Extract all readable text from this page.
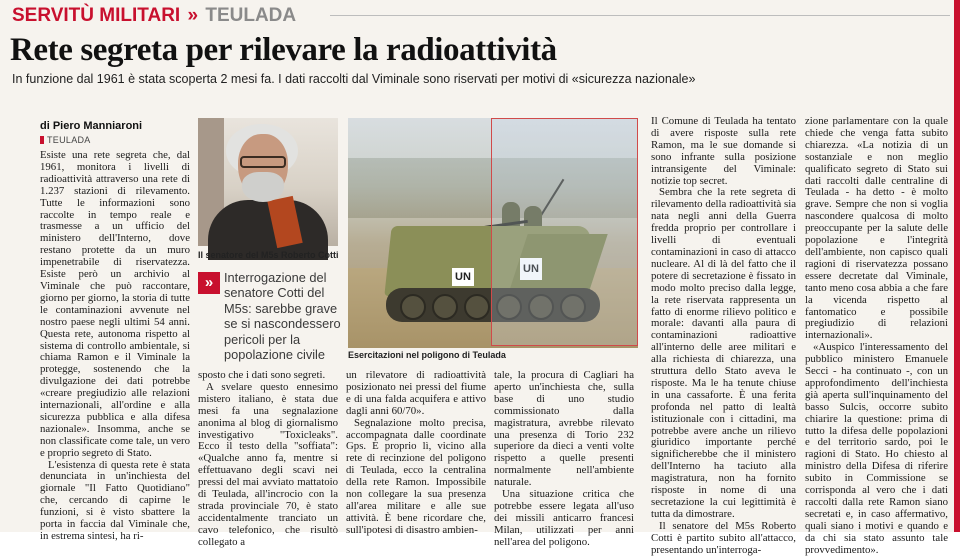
SERVITÙ MILITARI » TEULADA
Rete segreta per rilevare la radioattività
In funzione dal 1961 è stata scoperta 2 mesi fa. I dati raccolti dal Viminale sono riservati per motivi di «sicurezza nazionale»
di Piero Manniaroni
TEULADA

Esiste una rete segreta che, dal 1961, monitora i livelli di radioattività attraverso una rete di 1.237 stazioni di rilevamento. Tutte le informazioni sono raccolte in tempo reale e trasmesse a un ufficio del ministero dell'Interno, dove restano protette da un muro impenetrabile di riservatezza. Esiste però un archivio al Viminale che può raccontare, giorno per giorno, la storia di tutte le contaminazioni avvenute nel nostro paese negli ultimi 54 anni. Questa rete, autonoma rispetto al sistema di controllo ambientale, si chiama Ramon e il Viminale la protegge, sostenendo che la divulgazione dei dati potrebbe «creare pregiudizio alle relazioni internazionali, all'ordine e alla sicurezza pubblica e alla difesa nazionale». Insomma, anche se non classificate come tale, un vero e proprio segreto di Stato.

L'esistenza di questa rete è stata denunciata in un'inchiesta del giornale "Il Fatto Quotidiano" che, cercando di capirne le funzioni, si è visto sbattere la porta in faccia dal Viminale che, in estrema sintesi, ha ri-

Il senatore del M5s Roberto Cotti
» Interrogazione del senatore Cotti del M5s: sarebbe grave se si nascondessero pericoli per la popolazione civile
UN
UN
Esercitazioni nel poligono di Teulada

sposto che i dati sono segreti.

A svelare questo ennesimo mistero italiano, è stata due mesi fa una segnalazione anonima al blog di giornalismo investigativo "Toxicleaks". Ecco il testo della "soffiata": «Qualche anno fa, mentre si effettuavano degli scavi nei pressi del mai avviato mattatoio di Teulada, all'incrocio con la strada provinciale 70, è stato accidentalmente tranciato un cavo telefonico, che risultò collegato a

un rilevatore di radioattività posizionato nei pressi del fiume e di una falda acquifera e attivo dagli anni 60/70».

Segnalazione molto precisa, accompagnata dalle coordinate Gps. E proprio lì, vicino alla rete di recinzione del poligono di Teulada, ecco la centralina della rete Ramon. Impossibile non collegare la sua presenza all'area militare e alle sue attività. È bene ricordare che, sull'ipotesi di disastro ambien-

tale, la procura di Cagliari ha aperto un'inchiesta che, sulla base di uno studio commissionato dalla magistratura, avrebbe rilevato una presenza di Torio 232 superiore da dieci a venti volte rispetto a quelle presenti normalmente nell'ambiente naturale.

Una situazione critica che potrebbe essere legata all'uso dei missili anticarro francesi Milan, utilizzati per anni nell'area del poligono.

Il Comune di Teulada ha tentato di avere risposte sulla rete Ramon, ma le sue domande si sono infrante sulla posizione intransigente del Viminale: notizie top secret.

Sembra che la rete segreta di rilevamento della radioattività sia nata negli anni della Guerra fredda proprio per controllare i livelli di eventuali contaminazioni in caso di attacco nucleare. Al di là del fatto che il potere di secretazione è fissato in modo molto preciso dalla legge, la rete riservata rappresenta un fatto di enorme rilievo politico e morale: davanti alla paura di contaminazioni radioattive all'interno delle aree militari e alla richiesta di chiarezza, una struttura dello Stato aveva le risposte. Ma le ha tenute chiuse in una cassaforte. È una ferita profonda nel patto di lealtà istituzionale con i cittadini, ma potrebbe avere anche un rilievo giuridico importante perché significherebbe che il ministero dell'Interno ha taciuto alla magistratura, non ha fornito risposte in nome di una secretazione la cui legittimità è tutta da dimostrare.

Il senatore del M5s Roberto Cotti è partito subito all'attacco, presentando un'interroga-

zione parlamentare con la quale chiede che venga fatta subito chiarezza. «La notizia di un sostanziale e non meglio qualificato segreto di Stato sui dati raccolti dalle centraline di Teulada - ha detto - è molto grave. Sempre che non si voglia nascondere qualcosa di molto preoccupante per la salute delle popolazione e l'integrità dell'ambiente, non capisco quali ragioni di riservatezza possano essere decretate dal Viminale, tanto meno cosa abbia a che fare la vicenda rispetto al fantomatico e possibile pregiudizio di relazioni internazionali».

«Auspico l'interessamento del pubblico ministero Emanuele Secci - ha continuato -, con un approfondimento dell'inchiesta già aperta sull'inquinamento del basso Sulcis, occorre subito chiarire la questione: prima di tutto la difesa delle popolazioni e del territorio sardo, poi le ragioni di Stato. Ho chiesto al ministro della Difesa di riferire subito in Commissione se corrisponda al vero che i dati raccolti dalla rete Ramon siano secretati e, in caso affermativo, quali siano i motivi e quando e da chi sia stato assunto tale provvedimento».
